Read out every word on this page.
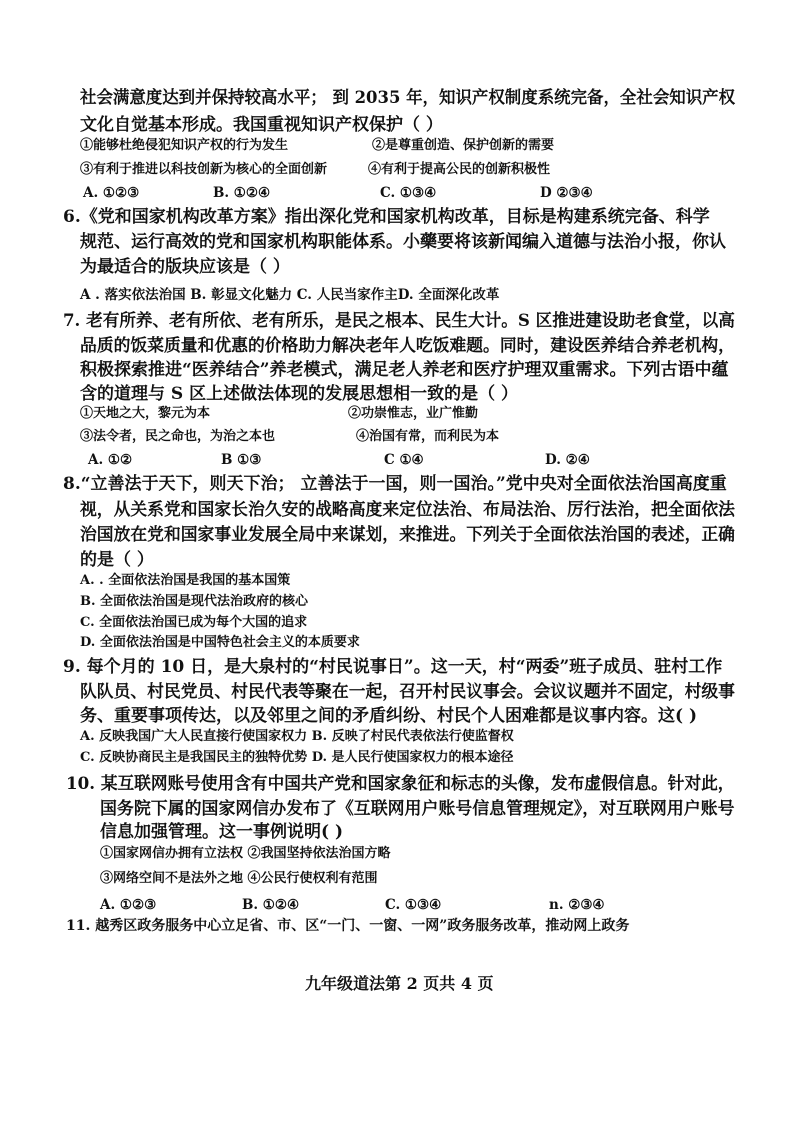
社会满意度达到并保持较高水平； 到 2035 年，知识产权制度系统完备，全社会知识产权
文化自觉基本形成。我国重视知识产权保护（ ）
①能够杜绝侵犯知识产权的行为发生	②是尊重创造、保护创新的需要
③有利于推进以科技创新为核心的全面创新	④有利于提高公民的创新积极性
A. ①②③	B. ①②④	C. ①③④	D ②③④
6.《党和国家机构改革方案》指出深化党和国家机构改革，目标是构建系统完备、科学
规范、运行高效的党和国家机构职能体系。小藥要将该新闻编入道德与法治小报，你认
为最适合的版块应该是（ ）
A . 落实依法治国 B. 彰显文化魅力 C. 人民当家作主D. 全面深化改革
7. 老有所养、老有所依、老有所乐，是民之根本、民生大计。S 区推进建设助老食堂，以高
品质的饭菜质量和优惠的价格助力解决老年人吃饭难题。同时，建设医养结合养老机构，
积极探索推进“医养结合”养老模式，满足老人养老和医疗护理双重需求。下列古语中蕴
含的道理与 S 区上述做法体现的发展思想相一致的是（ ）
①天地之大，黎元为本	②功崇惟志，业广惟勤
③法令者，民之命也，为治之本也	④治国有常，而利民为本
A. ①②	B ①③	C ①④	D. ②④
8.“立善法于天下，则天下治； 立善法于一国，则一国治。”党中央对全面依法治国高度重
视，从关系党和国家长治久安的战略高度来定位法治、布局法治、厉行法治，把全面依法
治国放在党和国家事业发展全局中来谋划，来推进。下列关于全面依法治国的表述，正确
的是（ ）
A. . 全面依法治国是我国的基本国策
B. 全面依法治国是现代法治政府的核心
C. 全面依法治国已成为每个大国的追求
D. 全面依法治国是中国特色社会主义的本质要求
9. 每个月的 10 日，是大泉村的“村民说事日”。这一天，村“两委”班子成员、驻村工作
队队员、村民党员、村民代表等聚在一起，召开村民议事会。会议议题并不固定，村级事
务、重要事项传达，以及邻里之间的矛盾纠纷、村民个人困难都是议事内容。这( )
A. 反映我国广大人民直接行使国家权力 B. 反映了村民代表依法行使监督权
C. 反映协商民主是我国民主的独特优势 D. 是人民行使国家权力的根本途径
10. 某互联网账号使用含有中国共产党和国家象征和标志的头像，发布虚假信息。针对此，
国务院下属的国家网信办发布了《互联网用户账号信息管理规定》，对互联网用户账号
信息加强管理。这一事例说明( )
①国家网信办拥有立法权 ②我国坚持依法治国方略
③网络空间不是法外之地 ④公民行使权利有范围
A. ①②③	B. ①②④	C. ①③④	n. ②③④
11. 越秀区政务服务中心立足省、市、区“一门、一窗、一网”政务服务改革，推动网上政务
九年级道法第 2 页共 4 页
